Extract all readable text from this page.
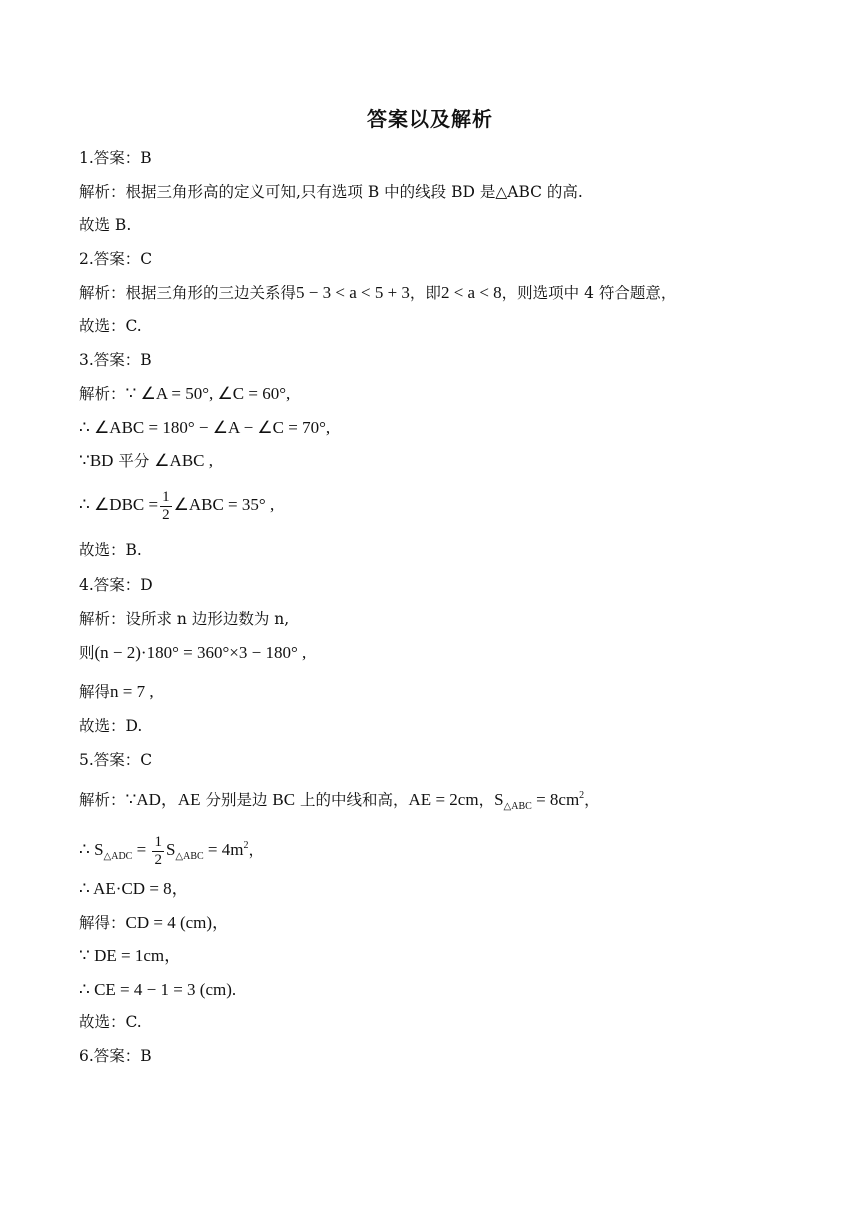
答案以及解析
1.答案：B
解析：根据三角形高的定义可知,只有选项 B 中的线段 BD 是△ABC 的高.
故选 B.
2.答案：C
解析：根据三角形的三边关系得5 − 3 < a < 5 + 3，即2 < a < 8，则选项中 4 符合题意，
故选：C.
3.答案：B
解析：∵ ∠A = 50°, ∠C = 60°,
∴ ∠ABC = 180° − ∠A − ∠C = 70°,
∵BD 平分 ∠ABC ,
∴ ∠DBC = $\frac{1}{2}$ ∠ABC = 35° ,
故选：B.
4.答案：D
解析：设所求 n 边形边数为 n,
则(n − 2)·180° = 360°×3 − 180° ,
解得n = 7 ,
故选：D.
5.答案：C
解析：∵AD，AE 分别是边 BC 上的中线和高，AE = 2cm，$S_{\triangle ABC} = 8cm^2$，
∴ $S_{\triangle ADC} = \frac{1}{2} S_{\triangle ABC} = 4m^2$，
∴ AE·CD = 8，
解得：CD = 4 (cm)，
∵ DE = 1cm，
∴ CE = 4 − 1 = 3 (cm).
故选：C.
6.答案：B
